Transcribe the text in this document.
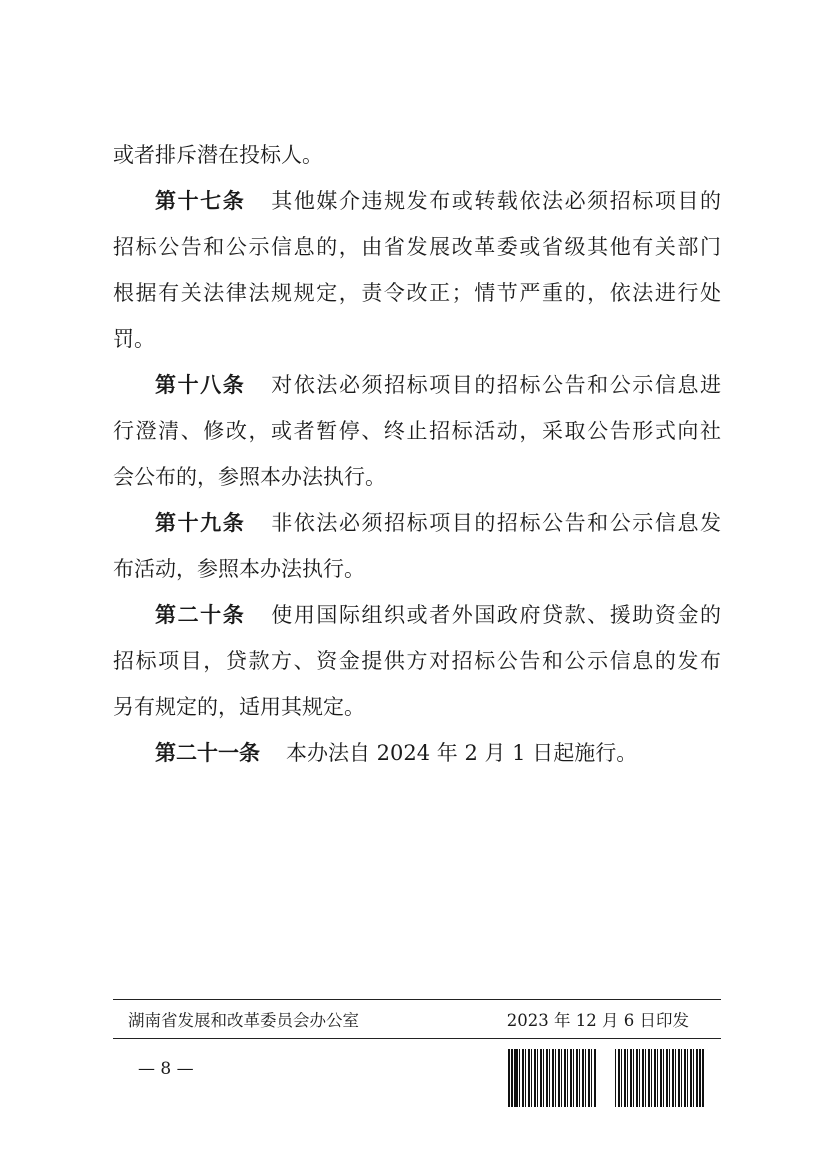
或者排斥潜在投标人。
第十七条 其他媒介违规发布或转载依法必须招标项目的
招标公告和公示信息的，由省发展改革委或省级其他有关部门
根据有关法律法规规定，责令改正；情节严重的，依法进行处
罚。
第十八条 对依法必须招标项目的招标公告和公示信息进
行澄清、修改，或者暂停、终止招标活动，采取公告形式向社
会公布的，参照本办法执行。
第十九条 非依法必须招标项目的招标公告和公示信息发
布活动，参照本办法执行。
第二十条 使用国际组织或者外国政府贷款、援助资金的
招标项目，贷款方、资金提供方对招标公告和公示信息的发布
另有规定的，适用其规定。
第二十一条 本办法自 2024 年 2 月 1 日起施行。
湖南省发展和改革委员会办公室	2023 年 12 月 6 日印发
— 8 —
